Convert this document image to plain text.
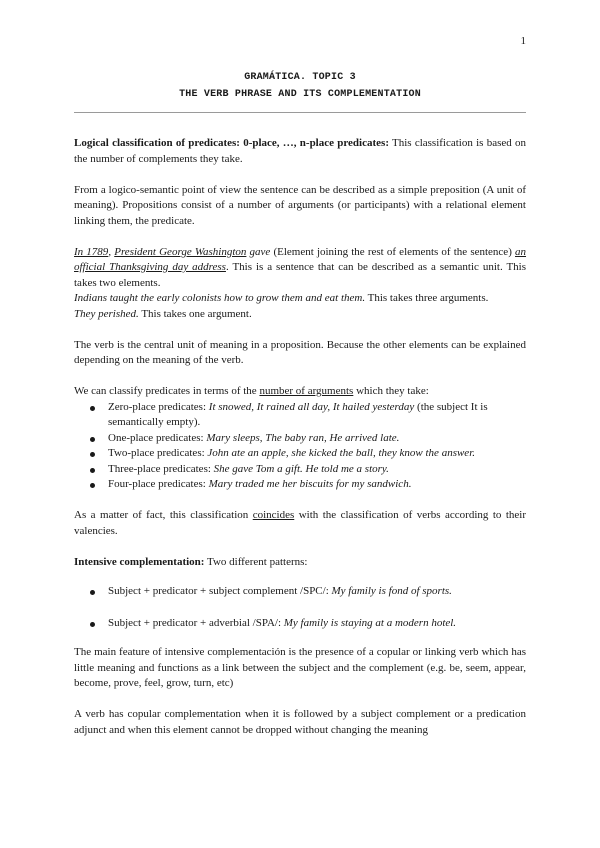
1
GRAMÁTICA. TOPIC 3
THE VERB PHRASE AND ITS COMPLEMENTATION

Logical classification of predicates: 0-place, …, n-place predicates: This classification is based on the number of complements they take.

From a logico-semantic point of view the sentence can be described as a simple preposition (A unit of meaning). Propositions consist of a number of arguments (or participants) with a relational element linking them, the predicate.

In 1789, President George Washington gave (Element joining the rest of elements of the sentence) an official Thanksgiving day address. This is a sentence that can be described as a semantic unit. This takes two elements.
Indians taught the early colonists how to grow them and eat them. This takes three arguments.
They perished. This takes one argument.

The verb is the central unit of meaning in a proposition. Because the other elements can be explained depending on the meaning of the verb.

We can classify predicates in terms of the number of arguments which they take:

Zero-place predicates: It snowed, It rained all day, It hailed yesterday (the subject It is semantically empty).
One-place predicates: Mary sleeps, The baby ran, He arrived late.
Two-place predicates: John ate an apple, she kicked the ball, they know the answer.
Three-place predicates: She gave Tom a gift. He told me a story.
Four-place predicates: Mary traded me her biscuits for my sandwich.

As a matter of fact, this classification coincides with the classification of verbs according to their valencies.

Intensive complementation: Two different patterns:

Subject + predicator + subject complement /SPC/: My family is fond of sports.
Subject + predicator + adverbial /SPA/: My family is staying at a modern hotel.

The main feature of intensive complementación is the presence of a copular or linking verb which has little meaning and functions as a link between the subject and the complement (e.g. be, seem, appear, become, prove, feel, grow, turn, etc)

A verb has copular complementation when it is followed by a subject complement or a predication adjunct and when this element cannot be dropped without changing the meaning
